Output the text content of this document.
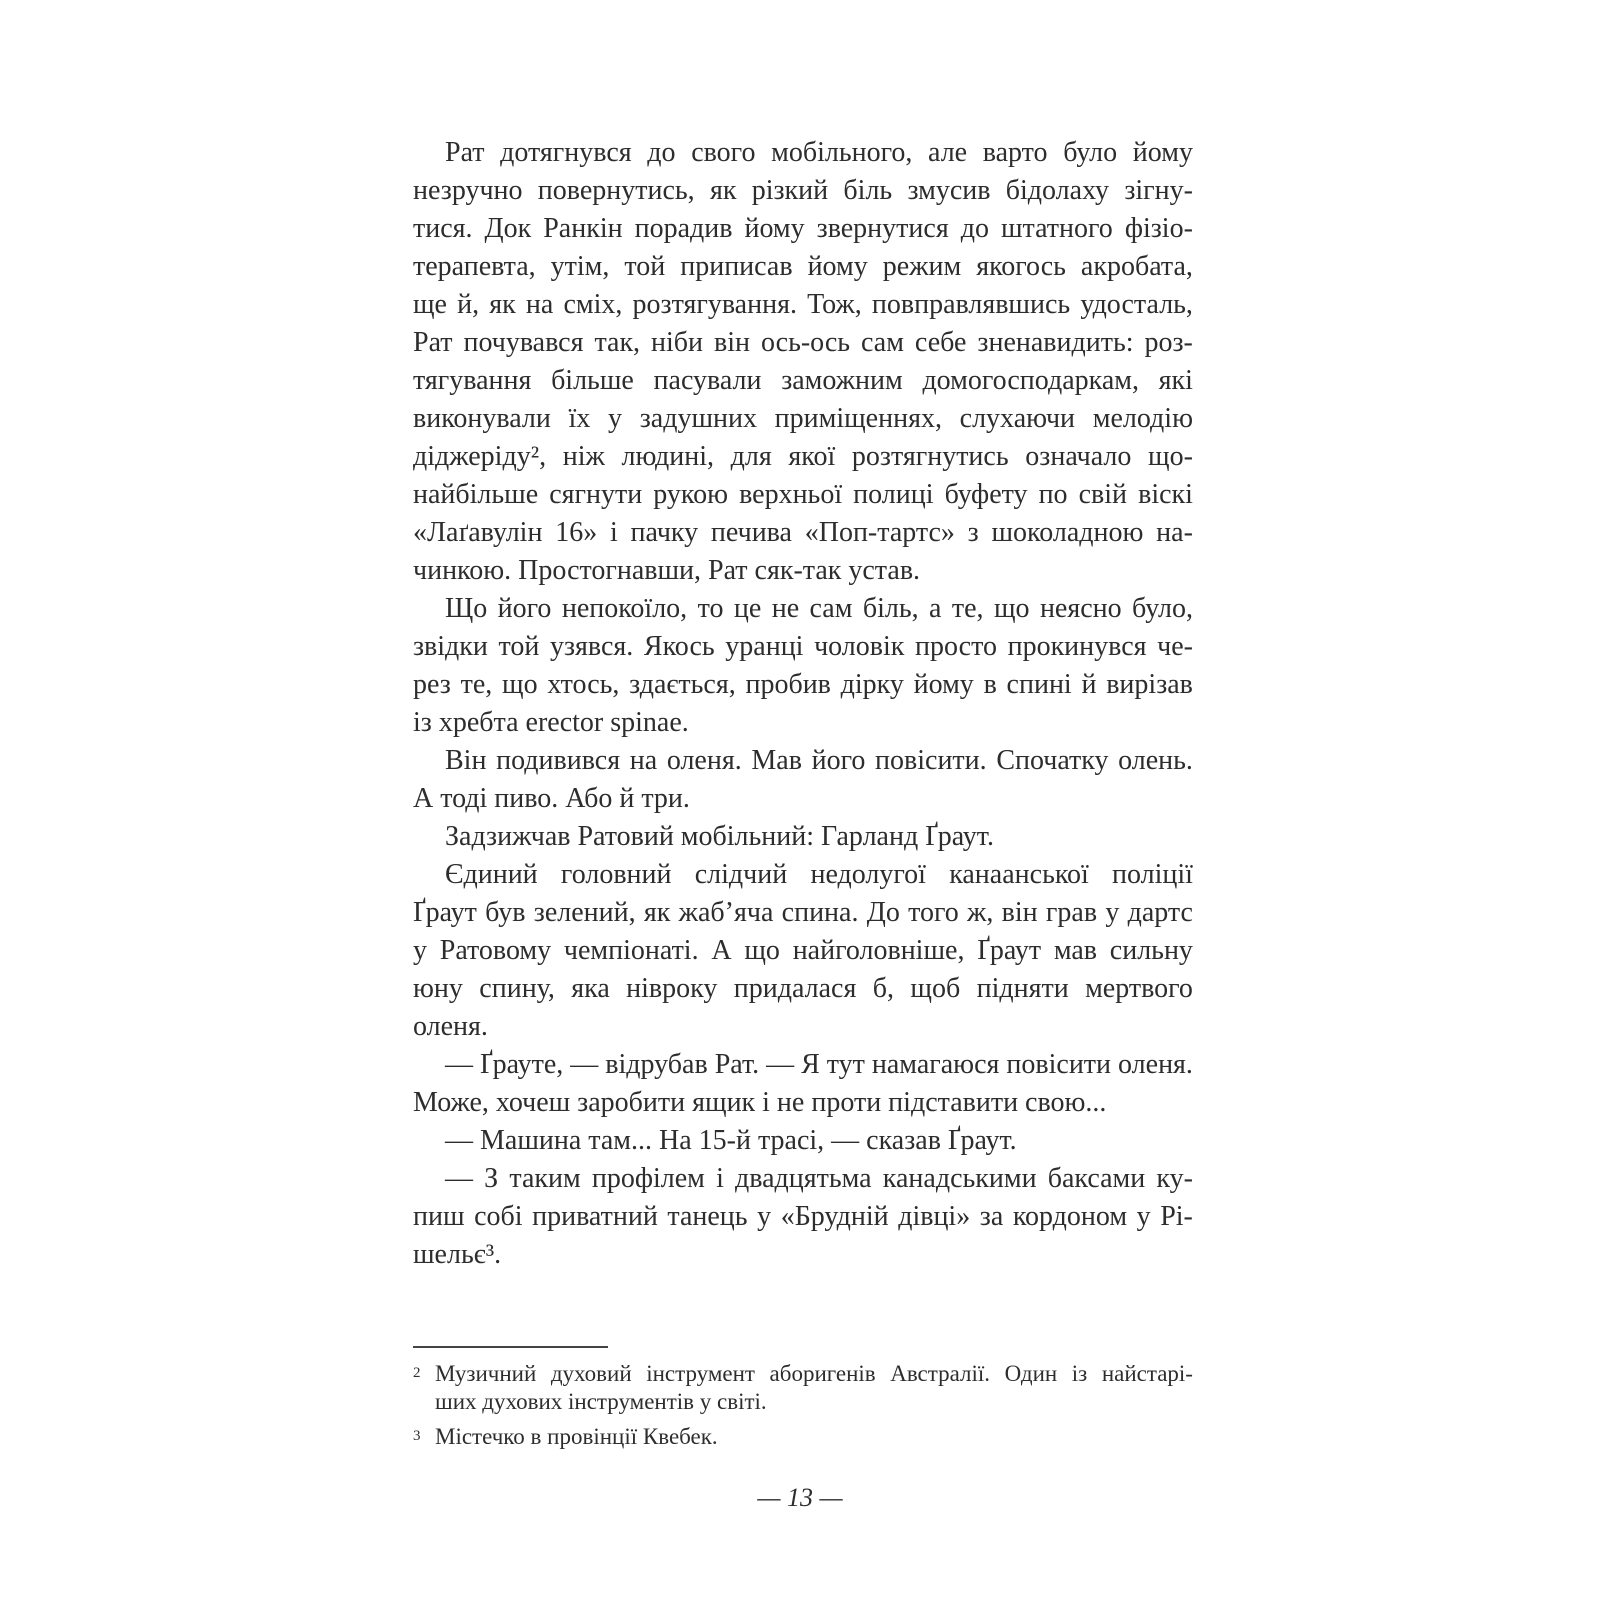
Рат дотягнувся до свого мобільного, але варто було йому
незручно повернутись, як різкий біль змусив бідолаху зігну-
тися. Док Ранкін порадив йому звернутися до штатного фізіо-
терапевта, утім, той приписав йому режим якогось акробата,
ще й, як на сміх, розтягування. Тож, повправлявшись удосталь,
Рат почувався так, ніби він ось-ось сам себе зненавидить: роз-
тягування більше пасували заможним домогосподаркам, які
виконували їх у задушних приміщеннях, слухаючи мелодію
діджеріду², ніж людині, для якої розтягнутись означало що-
найбільше сягнути рукою верхньої полиці буфету по свій віскі
«Лаґавулін 16» і пачку печива «Поп-тартс» з шоколадною на-
чинкою. Простогнавши, Рат сяк-так устав.
Що його непокоїло, то це не сам біль, а те, що неясно було,
звідки той узявся. Якось уранці чоловік просто прокинувся че-
рез те, що хтось, здається, пробив дірку йому в спині й вирізав
із хребта erector spinae.
Він подивився на оленя. Мав його повісити. Спочатку олень.
А тоді пиво. Або й три.
Задзижчав Ратовий мобільний: Гарланд Ґраут.
Єдиний головний слідчий недолугої канаанської поліції
Ґраут був зелений, як жаб’яча спина. До того ж, він грав у дартс
у Ратовому чемпіонаті. А що найголовніше, Ґраут мав сильну
юну спину, яка нівроку придалася б, щоб підняти мертвого
оленя.
— Ґрауте, — відрубав Рат. — Я тут намагаюся повісити оленя.
Може, хочеш заробити ящик і не проти підставити свою...
— Машина там... На 15-й трасі, — сказав Ґраут.
— З таким профілем і двадцятьма канадськими баксами ку-
пиш собі приватний танець у «Брудній дівці» за кордоном у Рі-
шельє³.
2 Музичний духовий інструмент аборигенів Австралії. Один із найстарі-
ших духових інструментів у світі.
3 Містечко в провінції Квебек.
— 13 —
